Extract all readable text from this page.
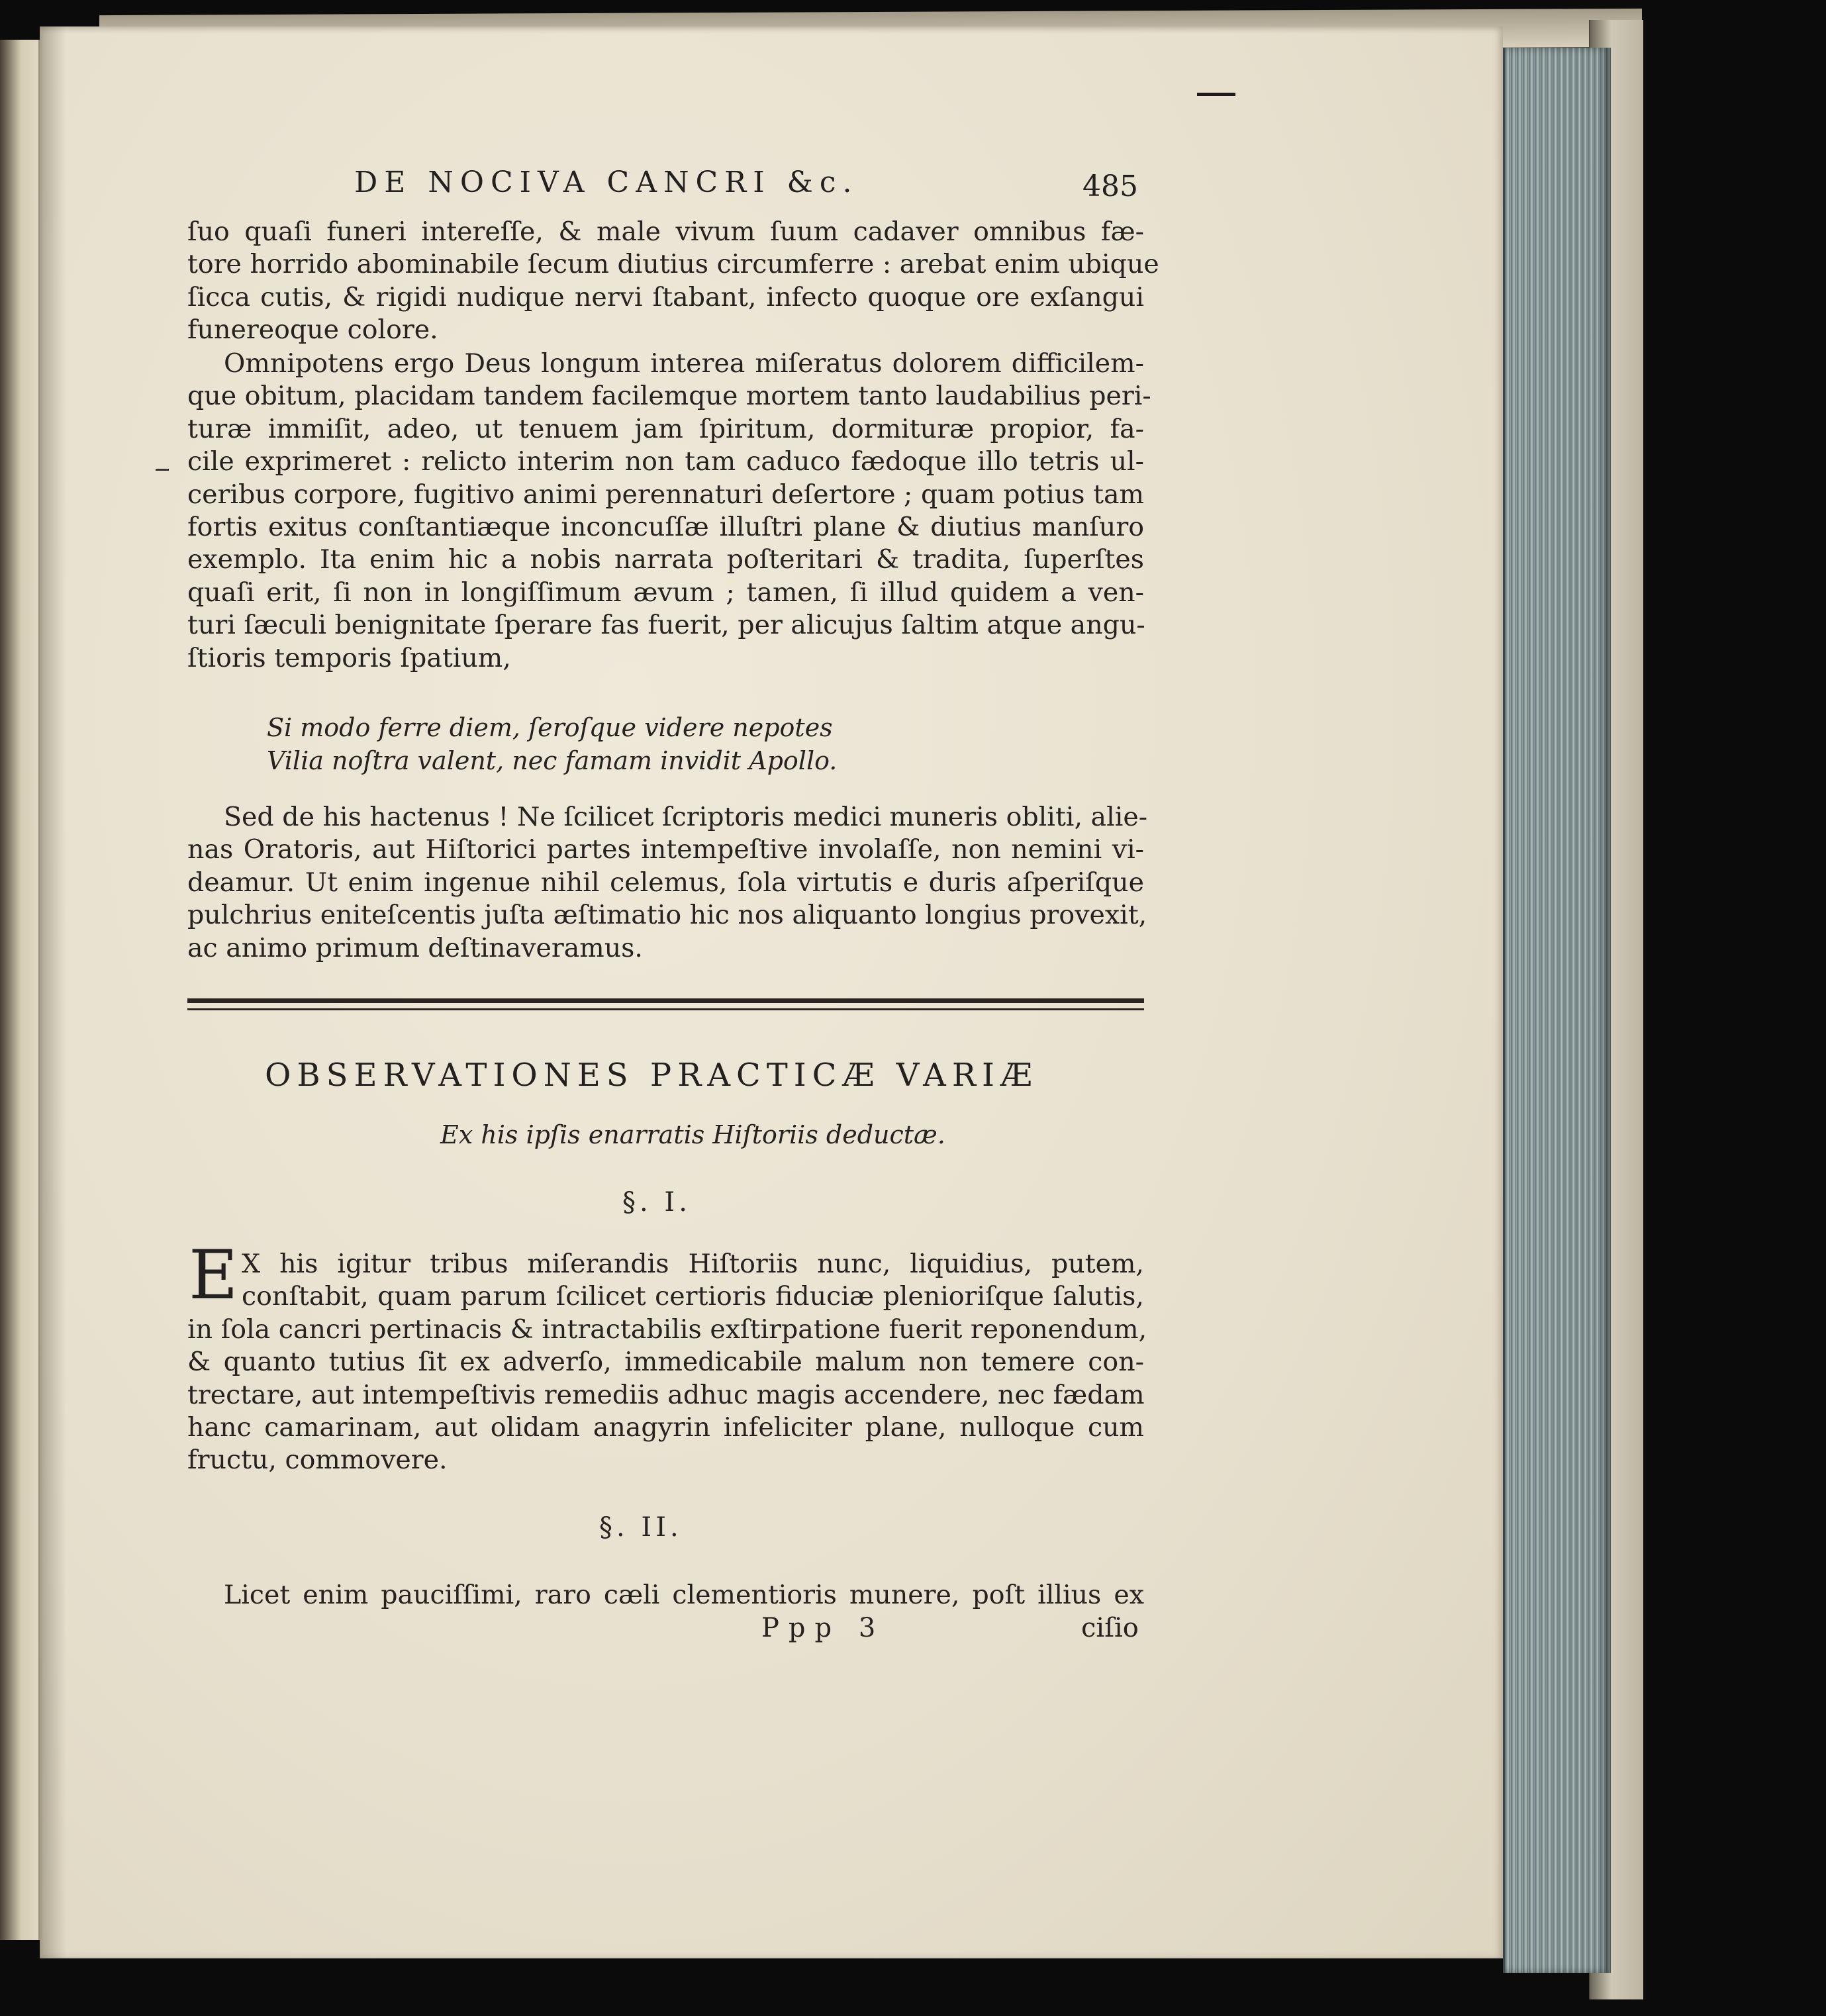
DE NOCIVA CANCRI &c.	485
ſuo quaſi funeri intereſſe, & male vivum ſuum cadaver omnibus fæ-
tore horrido abominabile ſecum diutius circumferre : arebat enim ubique
ſicca cutis, & rigidi nudique nervi ſtabant, infecto quoque ore exſangui
funereoque colore.
Omnipotens ergo Deus longum interea miſeratus dolorem difficilem-
que obitum, placidam tandem facilemque mortem tanto laudabilius peri-
turæ immiſit, adeo, ut tenuem jam ſpiritum, dormituræ propior, fa-
cile exprimeret : relicto interim non tam caduco fædoque illo tetris ul-
ceribus corpore, fugitivo animi perennaturi deſertore ; quam potius tam
fortis exitus conſtantiæque inconcuſſæ illuſtri plane & diutius manſuro
exemplo. Ita enim hic a nobis narrata poſteritari & tradita, ſuperſtes
quaſi erit, ſi non in longiſſimum ævum ; tamen, ſi illud quidem a ven-
turi ſæculi benignitate ſperare fas fuerit, per alicujus ſaltim atque angu-
ſtioris temporis ſpatium,
Si modo ferre diem, ſeroſque videre nepotes
Vilia noſtra valent, nec famam invidit Apollo.
Sed de his hactenus ! Ne ſcilicet ſcriptoris medici muneris obliti, alie-
nas Oratoris, aut Hiſtorici partes intempeſtive involaſſe, non nemini vi-
deamur. Ut enim ingenue nihil celemus, ſola virtutis e duris aſperiſque
pulchrius eniteſcentis juſta æſtimatio hic nos aliquanto longius provexit,
ac animo primum deſtinaveramus.
OBSERVATIONES PRACTICÆ VARIÆ
Ex his ipſis enarratis Hiſtoriis deductæ.
§. I.
E X his igitur tribus miſerandis Hiſtoriis nunc, liquidius, putem,
conſtabit, quam parum ſcilicet certioris fiduciæ plenioriſque ſalutis,
in ſola cancri pertinacis & intractabilis exſtirpatione fuerit reponendum,
& quanto tutius ſit ex adverſo, immedicabile malum non temere con-
trectare, aut intempeſtivis remediis adhuc magis accendere, nec fædam
hanc camarinam, aut olidam anagyrin infeliciter plane, nulloque cum
fructu, commovere.
§. II.
Licet enim pauciſſimi, raro cæli clementioris munere, poſt illius ex
Ppp 3	ciſio
